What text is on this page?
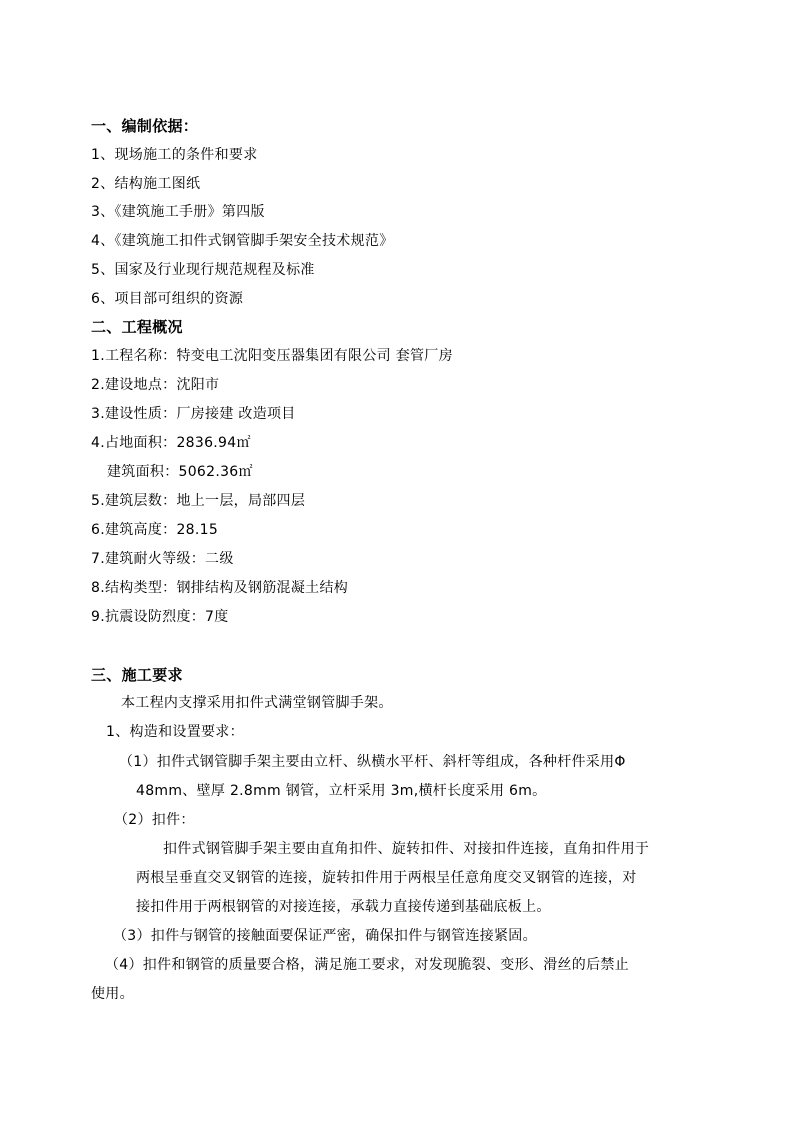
一、编制依据：
1、现场施工的条件和要求
2、结构施工图纸
3、《建筑施工手册》第四版
4、《建筑施工扣件式钢管脚手架安全技术规范》
5、国家及行业现行规范规程及标准
6、项目部可组织的资源
二、工程概况
1.工程名称：特变电工沈阳变压器集团有限公司 套管厂房
2.建设地点：沈阳市
3.建设性质：厂房接建 改造项目
4.占地面积：2836.94㎡
建筑面积：5062.36㎡
5.建筑层数：地上一层，局部四层
6.建筑高度：28.15
7.建筑耐火等级：二级
8.结构类型：钢排结构及钢筋混凝土结构
9.抗震设防烈度：7度
三、施工要求
本工程内支撑采用扣件式满堂钢管脚手架。
1、构造和设置要求：
（1）扣件式钢管脚手架主要由立杆、纵横水平杆、斜杆等组成，各种杆件采用Φ
48mm、壁厚 2.8mm 钢管，立杆采用 3m,横杆长度采用 6m。
（2）扣件：
扣件式钢管脚手架主要由直角扣件、旋转扣件、对接扣件连接，直角扣件用于
两根呈垂直交叉钢管的连接，旋转扣件用于两根呈任意角度交叉钢管的连接，对
接扣件用于两根钢管的对接连接，承载力直接传递到基础底板上。
（3）扣件与钢管的接触面要保证严密，确保扣件与钢管连接紧固。
（4）扣件和钢管的质量要合格，满足施工要求，对发现脆裂、变形、滑丝的后禁止
使用。
